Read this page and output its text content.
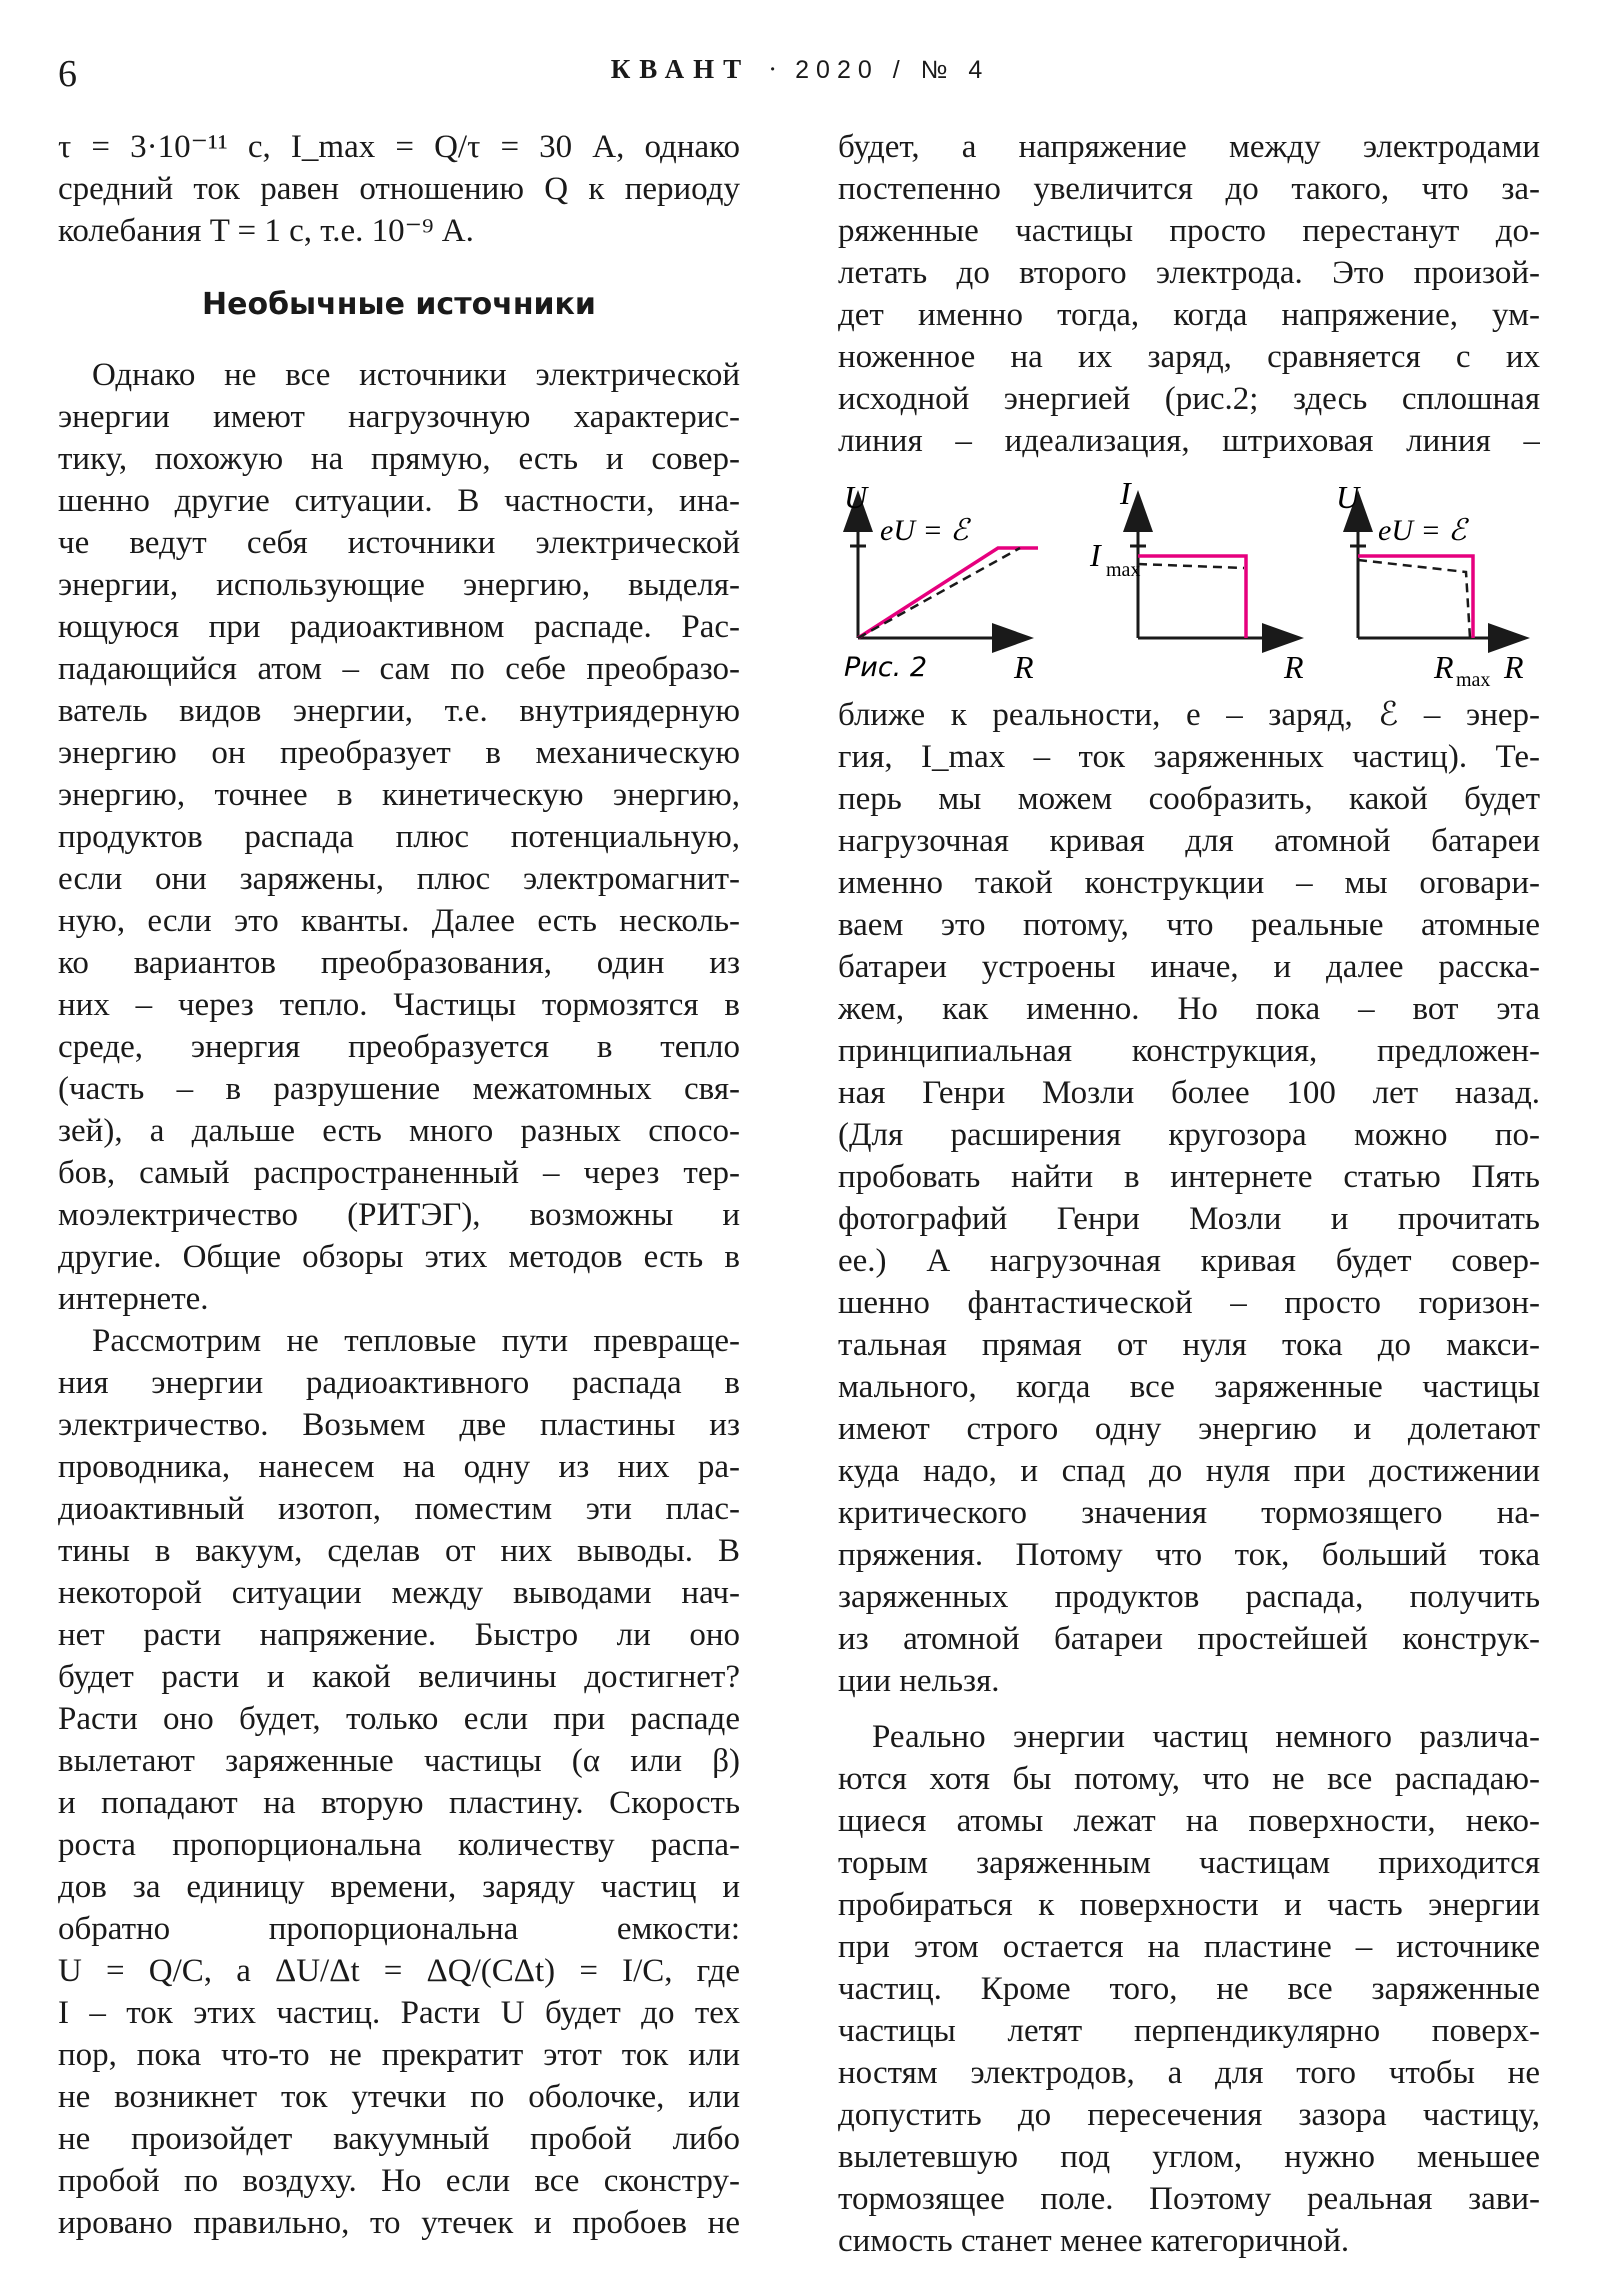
6	КВАНТ · 2020 / № 4
τ = 3·10⁻¹¹ с, I_max = Q/τ = 30 А, однако
средний ток равен отношению Q к периоду
колебания T = 1 с, т.е. 10⁻⁹ А.
Необычные источники
Однако не все источники электрической
энергии имеют нагрузочную характерис-
тику, похожую на прямую, есть и совер-
шенно другие ситуации. В частности, ина-
че ведут себя источники электрической
энергии, использующие энергию, выделя-
ющуюся при радиоактивном распаде. Рас-
падающийся атом – сам по себе преобразо-
ватель видов энергии, т.е. внутриядерную
энергию он преобразует в механическую
энергию, точнее в кинетическую энергию,
продуктов распада плюс потенциальную,
если они заряжены, плюс электромагнит-
ную, если это кванты. Далее есть несколь-
ко вариантов преобразования, один из
них – через тепло. Частицы тормозятся в
среде, энергия преобразуется в тепло
(часть – в разрушение межатомных свя-
зей), а дальше есть много разных спосо-
бов, самый распространенный – через тер-
моэлектричество (РИТЭГ), возможны и
другие. Общие обзоры этих методов есть в
интернете.
Рассмотрим не тепловые пути превраще-
ния энергии радиоактивного распада в
электричество. Возьмем две пластины из
проводника, нанесем на одну из них ра-
диоактивный изотоп, поместим эти плас-
тины в вакуум, сделав от них выводы. В
некоторой ситуации между выводами нач-
нет расти напряжение. Быстро ли оно
будет расти и какой величины достигнет?
Расти оно будет, только если при распаде
вылетают заряженные частицы (α или β)
и попадают на вторую пластину. Скорость
роста пропорциональна количеству распа-
дов за единицу времени, заряду частиц и
обратно пропорциональна емкости:
U = Q/C, а ΔU/Δt = ΔQ/(CΔt) = I/C, где
I – ток этих частиц. Расти U будет до тех
пор, пока что-то не прекратит этот ток или
не возникнет ток утечки по оболочке, или
не произойдет вакуумный пробой либо
пробой по воздуху. Но если все сконстру-
ировано правильно, то утечек и пробоев не
будет, а напряжение между электродами
постепенно увеличится до такого, что за-
ряженные частицы просто перестанут до-
летать до второго электрода. Это произой-
дет именно тогда, когда напряжение, ум-
ноженное на их заряд, сравняется с их
исходной энергией (рис.2; здесь сплошная
линия – идеализация, штриховая линия –
U
eU = ℰ
R
I
I max
R
U
eU = ℰ
R max R
Рис. 2
ближе к реальности, e – заряд, ℰ – энер-
гия, I_max – ток заряженных частиц). Те-
перь мы можем сообразить, какой будет
нагрузочная кривая для атомной батареи
именно такой конструкции – мы оговари-
ваем это потому, что реальные атомные
батареи устроены иначе, и далее расска-
жем, как именно. Но пока – вот эта
принципиальная конструкция, предложен-
ная Генри Мозли более 100 лет назад.
(Для расширения кругозора можно по-
пробовать найти в интернете статью Пять
фотографий Генри Мозли и прочитать
ее.) А нагрузочная кривая будет совер-
шенно фантастической – просто горизон-
тальная прямая от нуля тока до макси-
мального, когда все заряженные частицы
имеют строго одну энергию и долетают
куда надо, и спад до нуля при достижении
критического значения тормозящего на-
пряжения. Потому что ток, больший тока
заряженных продуктов распада, получить
из атомной батареи простейшей конструк-
ции нельзя.
Реально энергии частиц немного различа-
ются хотя бы потому, что не все распадаю-
щиеся атомы лежат на поверхности, неко-
торым заряженным частицам приходится
пробираться к поверхности и часть энергии
при этом остается на пластине – источнике
частиц. Кроме того, не все заряженные
частицы летят перпендикулярно поверх-
ностям электродов, а для того чтобы не
допустить до пересечения зазора частицу,
вылетевшую под углом, нужно меньшее
тормозящее поле. Поэтому реальная зави-
симость станет менее категоричной.
